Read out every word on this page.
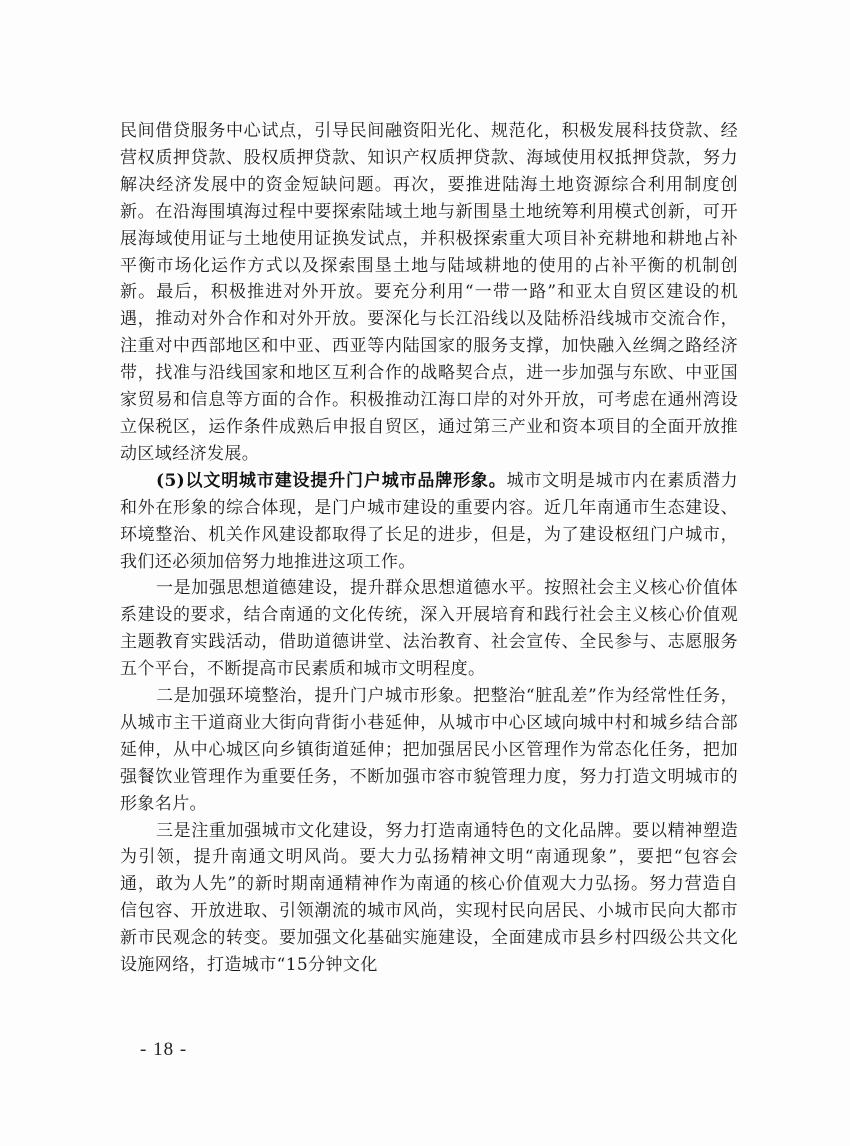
民间借贷服务中心试点，引导民间融资阳光化、规范化，积极发展科技贷款、经营权质押贷款、股权质押贷款、知识产权质押贷款、海域使用权抵押贷款，努力解决经济发展中的资金短缺问题。再次，要推进陆海土地资源综合利用制度创新。在沿海围填海过程中要探索陆域土地与新围垦土地统筹利用模式创新，可开展海域使用证与土地使用证换发试点，并积极探索重大项目补充耕地和耕地占补平衡市场化运作方式以及探索围垦土地与陆域耕地的使用的占补平衡的机制创新。最后，积极推进对外开放。要充分利用“一带一路”和亚太自贸区建设的机遇，推动对外合作和对外开放。要深化与长江沿线以及陆桥沿线城市交流合作，注重对中西部地区和中亚、西亚等内陆国家的服务支撑，加快融入丝绸之路经济带，找准与沿线国家和地区互利合作的战略契合点，进一步加强与东欧、中亚国家贸易和信息等方面的合作。积极推动江海口岸的对外开放，可考虑在通州湾设立保税区，运作条件成熟后申报自贸区，通过第三产业和资本项目的全面开放推动区域经济发展。

(5)以文明城市建设提升门户城市品牌形象。城市文明是城市内在素质潜力和外在形象的综合体现，是门户城市建设的重要内容。近几年南通市生态建设、环境整治、机关作风建设都取得了长足的进步，但是，为了建设枢纽门户城市，我们还必须加倍努力地推进这项工作。

一是加强思想道德建设，提升群众思想道德水平。按照社会主义核心价值体系建设的要求，结合南通的文化传统，深入开展培育和践行社会主义核心价值观主题教育实践活动，借助道德讲堂、法治教育、社会宣传、全民参与、志愿服务五个平台，不断提高市民素质和城市文明程度。

二是加强环境整治，提升门户城市形象。把整治“脏乱差”作为经常性任务，从城市主干道商业大街向背街小巷延伸，从城市中心区域向城中村和城乡结合部延伸，从中心城区向乡镇街道延伸；把加强居民小区管理作为常态化任务，把加强餐饮业管理作为重要任务，不断加强市容市貌管理力度，努力打造文明城市的形象名片。

三是注重加强城市文化建设，努力打造南通特色的文化品牌。要以精神塑造为引领，提升南通文明风尚。要大力弘扬精神文明“南通现象”，要把“包容会通，敢为人先”的新时期南通精神作为南通的核心价值观大力弘扬。努力营造自信包容、开放进取、引领潮流的城市风尚，实现村民向居民、小城市民向大都市新市民观念的转变。要加强文化基础实施建设，全面建成市县乡村四级公共文化设施网络，打造城市“15分钟文化

- 18 -
